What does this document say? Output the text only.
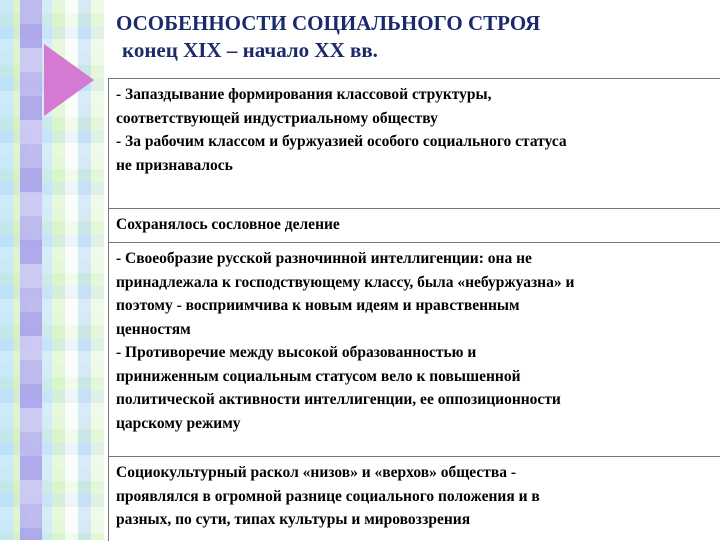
ОСОБЕННОСТИ СОЦИАЛЬНОГО СТРОЯ
конец XIX – начало XX вв.
- Запаздывание формирования классовой структуры,
соответствующей индустриальному обществу
- За рабочим классом и буржуазией особого социального статуса
не признавалось
Сохранялось сословное деление
- Своеобразие русской разночинной интеллигенции: она не
принадлежала к господствующему классу, была «небуржуазна» и
поэтому - восприимчива к новым идеям и нравственным
ценностям
- Противоречие между высокой образованностью и
приниженным социальным статусом вело к повышенной
политической активности интеллигенции, ее оппозиционности
царскому режиму
Социокультурный раскол «низов» и «верхов» общества -
проявлялся в огромной разнице социального положения и в
разных, по сути, типах культуры и мировоззрения
